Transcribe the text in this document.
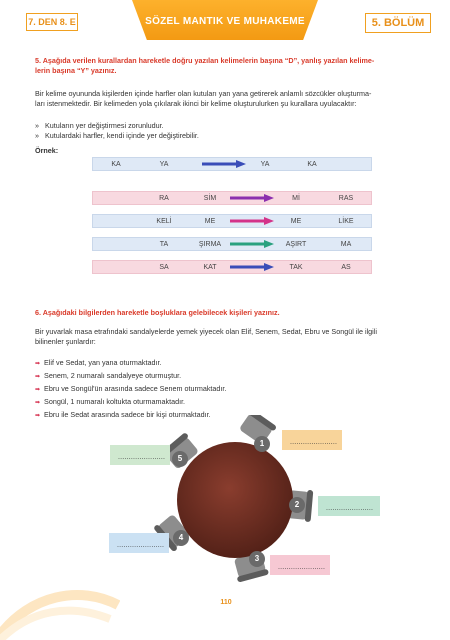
7. DEN 8. E	SÖZEL MANTIK VE MUHAKEME	5. BÖLÜM
5. Aşağıda verilen kurallardan hareketle doğru yazılan kelimelerin başına “D”, yanlış yazılan kelime-
lerin başına “Y” yazınız.
Bir kelime oyununda kişilerden içinde harfler olan kutuları yan yana getirerek anlamlı sözcükler oluşturma-
ları istenmektedir. Bir kelimeden yola çıkılarak ikinci bir kelime oluşturulurken şu kurallara uyulacaktır:
» Kutuların yer değiştirmesi zorunludur.
» Kutulardaki harfler, kendi içinde yer değiştirebilir.
Örnek:
KA	YA	YA	KA
RA	SİM	Mİ	RAS
KELİ	ME	ME	LİKE
TA	ŞIRMA	AŞIRT	MA
SA	KAT	TAK	AS
6. Aşağıdaki bilgilerden hareketle boşluklara gelebilecek kişileri yazınız.
Bir yuvarlak masa etrafındaki sandalyelerde yemek yiyecek olan Elif, Senem, Sedat, Ebru ve Songül ile ilgili
bilinenler şunlardır:
➡ Elif ve Sedat, yan yana oturmaktadır.
➡ Senem, 2 numaralı sandalyeye oturmuştur.
➡ Ebru ve Songül'ün arasında sadece Senem oturmaktadır.
➡ Songül, 1 numaralı koltukta oturmamaktadır.
➡ Ebru ile Sedat arasında sadece bir kişi oturmaktadır.
1
2
3
4
5
......................
......................
......................
......................
......................
110
